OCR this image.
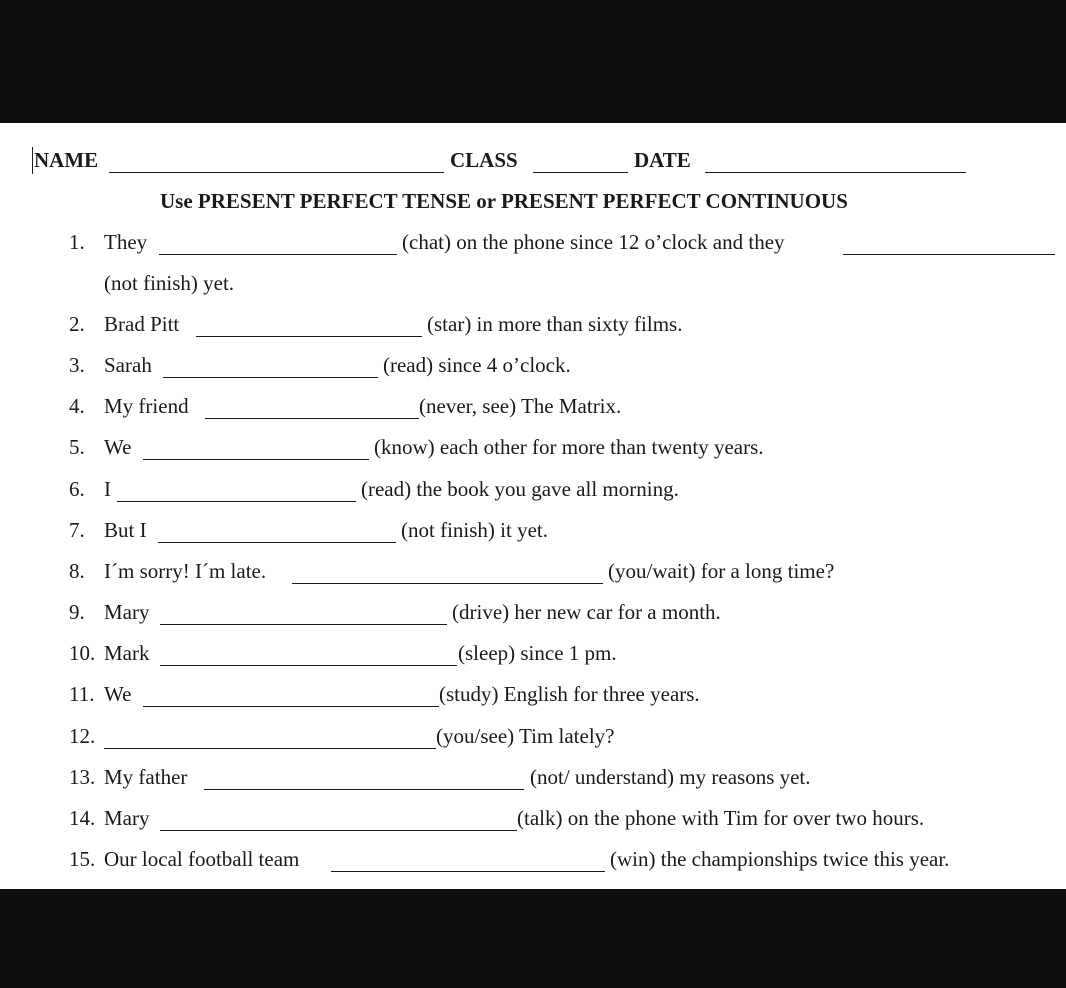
NAME	CLASS	DATE
Use PRESENT PERFECT TENSE or PRESENT PERFECT CONTINUOUS
1. They	(chat) on the phone since 12 o’clock and they
(not finish) yet.
2. Brad Pitt	(star) in more than sixty films.
3. Sarah	(read) since 4 o’clock.
4. My friend	(never, see) The Matrix.
5. We	(know) each other for more than twenty years.
6. I	(read) the book you gave all morning.
7. But I	(not finish) it yet.
8. I´m sorry! I´m late.	(you/wait) for a long time?
9. Mary	(drive) her new car for a month.
10. Mark	(sleep) since 1 pm.
11. We	(study) English for three years.
12.	(you/see) Tim lately?
13. My father	(not/ understand) my reasons yet.
14. Mary	(talk) on the phone with Tim for over two hours.
15. Our local football team	(win) the championships twice this year.
